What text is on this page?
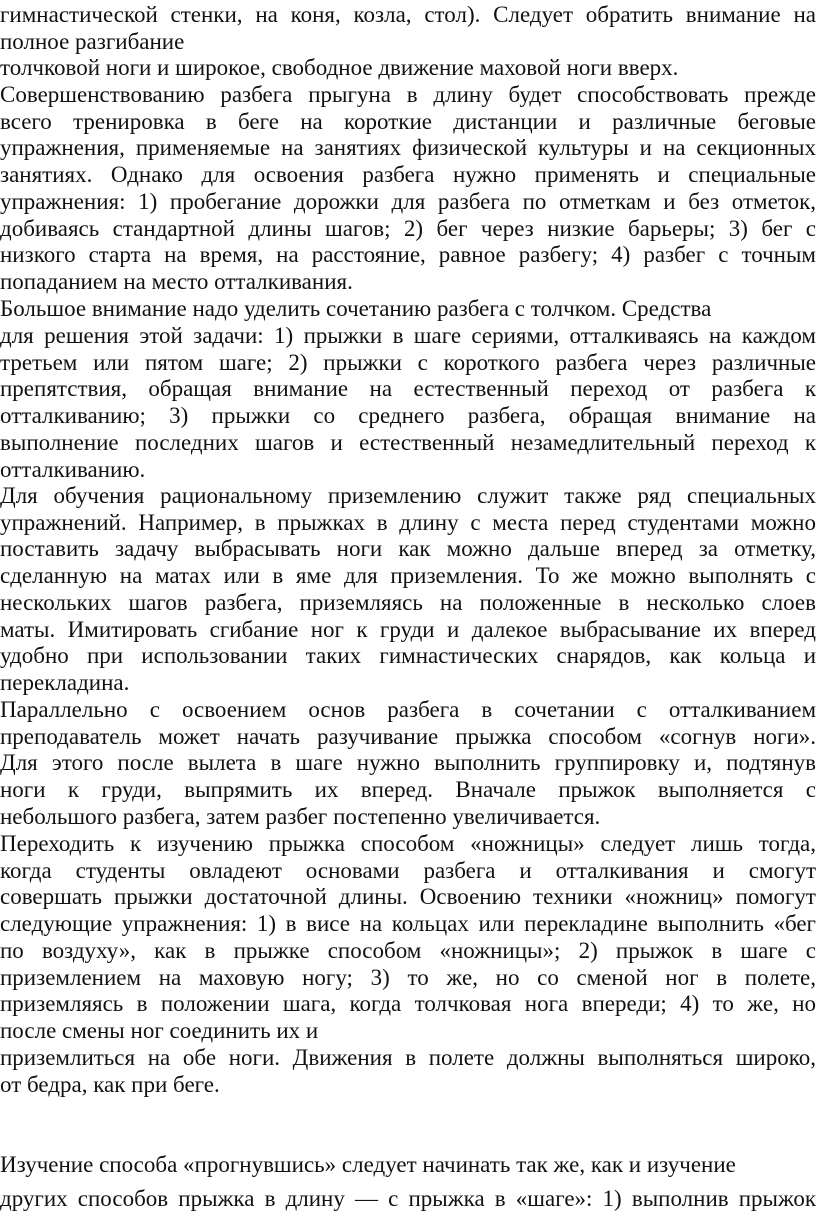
гимнастической стенки, на коня, козла, стол). Следует обратить внимание на
полное разгибание
толчковой ноги и широкое, свободное движение маховой ноги вверх.
Совершенствованию разбега прыгуна в длину будет способствовать прежде
всего тренировка в беге на короткие дистанции и различные беговые
упражнения, применяемые на занятиях физической культуры и на секционных
занятиях. Однако для освоения разбега нужно применять и специальные
упражнения: 1) пробегание дорожки для разбега по отметкам и без отметок,
добиваясь стандартной длины шагов; 2) бег через низкие барьеры; 3) бег с
низкого старта на время, на расстояние, равное разбегу; 4) разбег с точным
попаданием на место отталкивания.
Большое внимание надо уделить сочетанию разбега с толчком. Средства
для решения этой задачи: 1) прыжки в шаге сериями, отталкиваясь на каждом
третьем или пятом шаге; 2) прыжки с короткого разбега через различные
препятствия, обращая внимание на естественный переход от разбега к
отталкиванию; 3) прыжки со среднего разбега, обращая внимание на
выполнение последних шагов и естественный незамедлительный переход к
отталкиванию.
Для обучения рациональному приземлению служит также ряд специальных
упражнений. Например, в прыжках в длину с места перед студентами можно
поставить задачу выбрасывать ноги как можно дальше вперед за отметку,
сделанную на матах или в яме для приземления. То же можно выполнять с
нескольких шагов разбега, приземляясь на положенные в несколько слоев
маты. Имитировать сгибание ног к груди и далекое выбрасывание их вперед
удобно при использовании таких гимнастических снарядов, как кольца и
перекладина.
Параллельно с освоением основ разбега в сочетании с отталкиванием
преподаватель может начать разучивание прыжка способом «согнув ноги».
Для этого после вылета в шаге нужно выполнить группировку и, подтянув
ноги к груди, выпрямить их вперед. Вначале прыжок выполняется с
небольшого разбега, затем разбег постепенно увеличивается.
Переходить к изучению прыжка способом «ножницы» следует лишь тогда,
когда студенты овладеют основами разбега и отталкивания и смогут
совершать прыжки достаточной длины. Освоению техники «ножниц» помогут
следующие упражнения: 1) в висе на кольцах или перекладине выполнить «бег
по воздуху», как в прыжке способом «ножницы»; 2) прыжок в шаге с
приземлением на маховую ногу; 3) то же, но со сменой ног в полете,
приземляясь в положении шага, когда толчковая нога впереди; 4) то же, но
после смены ног соединить их и
приземлиться на обе ноги. Движения в полете должны выполняться широко,
от бедра, как при беге.
Изучение способа «прогнувшись» следует начинать так же, как и изучение
других способов прыжка в длину — с прыжка в «шаге»: 1) выполнив прыжок
